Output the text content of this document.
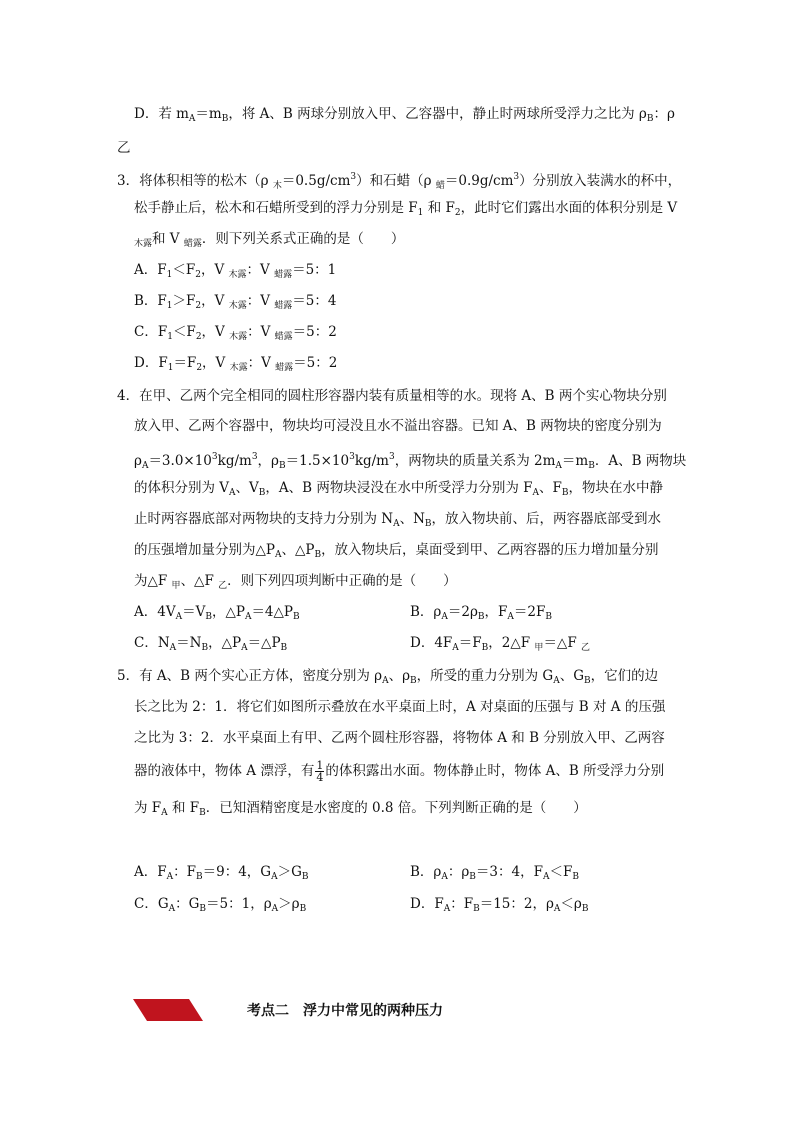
D．若 $m_A=m_B$，将 A、B 两球分别放入甲、乙容器中，静止时两球所受浮力之比为 $\rho_B$：ρ
乙
3．将体积相等的松木（ρ $_木=0.5g/cm^3$）和石蜡（ρ $_蜡=0.9g/cm^3$）分别放入装满水的杯中，
松手静止后，松木和石蜡所受到的浮力分别是 $F_1$ 和 $F_2$，此时它们露出水面的体积分别是 V
$_{木露}$和 V $_{蜡露}$．则下列关系式正确的是（　　）
A．$F_1<F_2$，V $_{木露}$：V $_{蜡露}$＝5：1
B．$F_1>F_2$，V $_{木露}$：V $_{蜡露}$＝5：4
C．$F_1<F_2$，V $_{木露}$：V $_{蜡露}$＝5：2
D．$F_1=F_2$，V $_{木露}$：V $_{蜡露}$＝5：2
4．在甲、乙两个完全相同的圆柱形容器内装有质量相等的水。现将 A、B 两个实心物块分别
放入甲、乙两个容器中，物块均可浸没且水不溢出容器。已知 A、B 两物块的密度分别为
$\rho_A=3.0\times 10^3kg/m^3$，$\rho_B=1.5\times 10^3kg/m^3$，两物块的质量关系为 $2m_A=m_B$．A、B 两物块
的体积分别为 $V_A$、$V_B$，A、B 两物块浸没在水中所受浮力分别为 $F_A$、$F_B$，物块在水中静
止时两容器底部对两物块的支持力分别为 $N_A$、$N_B$，放入物块前、后，两容器底部受到水
的压强增加量分别为$\triangle P_A$、$\triangle P_B$，放入物块后，桌面受到甲、乙两容器的压力增加量分别
为△F $_甲$、△F $_乙$．则下列四项判断中正确的是（　　）
A．$4V_A=V_B$，$\triangle P_A=4\triangle P_B$	B．$\rho_A=2\rho_B$，$F_A=2F_B$
C．$N_A=N_B$，$\triangle P_A=\triangle P_B$	D．$4F_A=F_B$，2△F $_甲$＝△F $_乙$
5．有 A、B 两个实心正方体，密度分别为 $\rho_A$、$\rho_B$，所受的重力分别为 $G_A$、$G_B$，它们的边
长之比为 2：1．将它们如图所示叠放在水平桌面上时，A 对桌面的压强与 B 对 A 的压强
之比为 3：2．水平桌面上有甲、乙两个圆柱形容器，将物体 A 和 B 分别放入甲、乙两容
器的液体中，物体 A 漂浮，有 $\frac{1}{4}$ 的体积露出水面。物体静止时，物体 A、B 所受浮力分别
为 $F_A$ 和 $F_B$．已知酒精密度是水密度的 0.8 倍。下列判断正确的是（　　）
A．$F_A$：$F_B=9$：4，$G_A>G_B$	B．$\rho_A$：$\rho_B=3$：4，$F_A<F_B$
C．$G_A$：$G_B=5$：1，$\rho_A>\rho_B$	D．$F_A$：$F_B=15$：2，$\rho_A<\rho_B$
考点二　浮力中常见的两种压力
